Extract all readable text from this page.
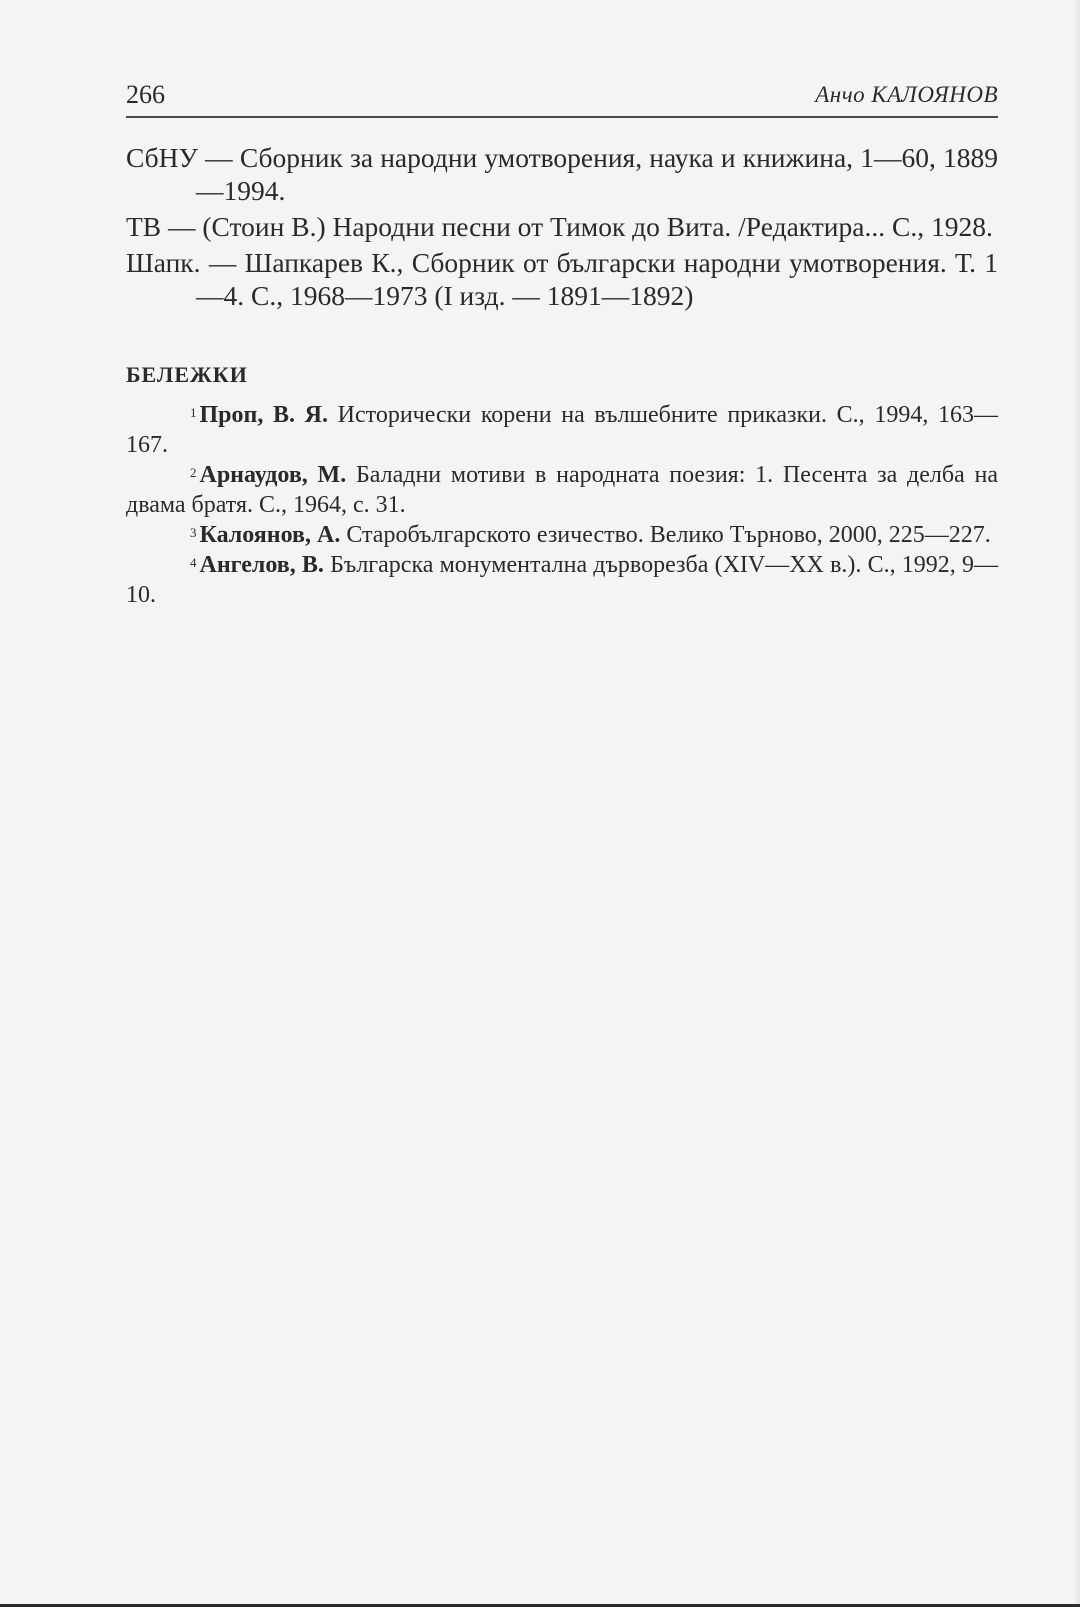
266	Анчо КАЛОЯНОВ

СбНУ — Сборник за народни умотворения, наука и книжина, 1—60, 1889—1994.

ТВ — (Стоин В.) Народни песни от Тимок до Вита. /Редактира... С., 1928.

Шапк. — Шапкарев К., Сборник от български народни умотворения. Т. 1—4. С., 1968—1973 (I изд. — 1891—1892)

БЕЛЕЖКИ

$^1$ Проп, В. Я. Исторически корени на вълшебните приказки. С., 1994, 163—167.

$^2$ Арнаудов, М. Баладни мотиви в народната поезия: 1. Песента за делба на двама братя. С., 1964, с. 31.

$^3$ Калоянов, А. Старобългарското езичество. Велико Търново, 2000, 225—227.

$^4$ Ангелов, В. Българска монументална дърворезба (XIV—XX в.). С., 1992, 9—10.
